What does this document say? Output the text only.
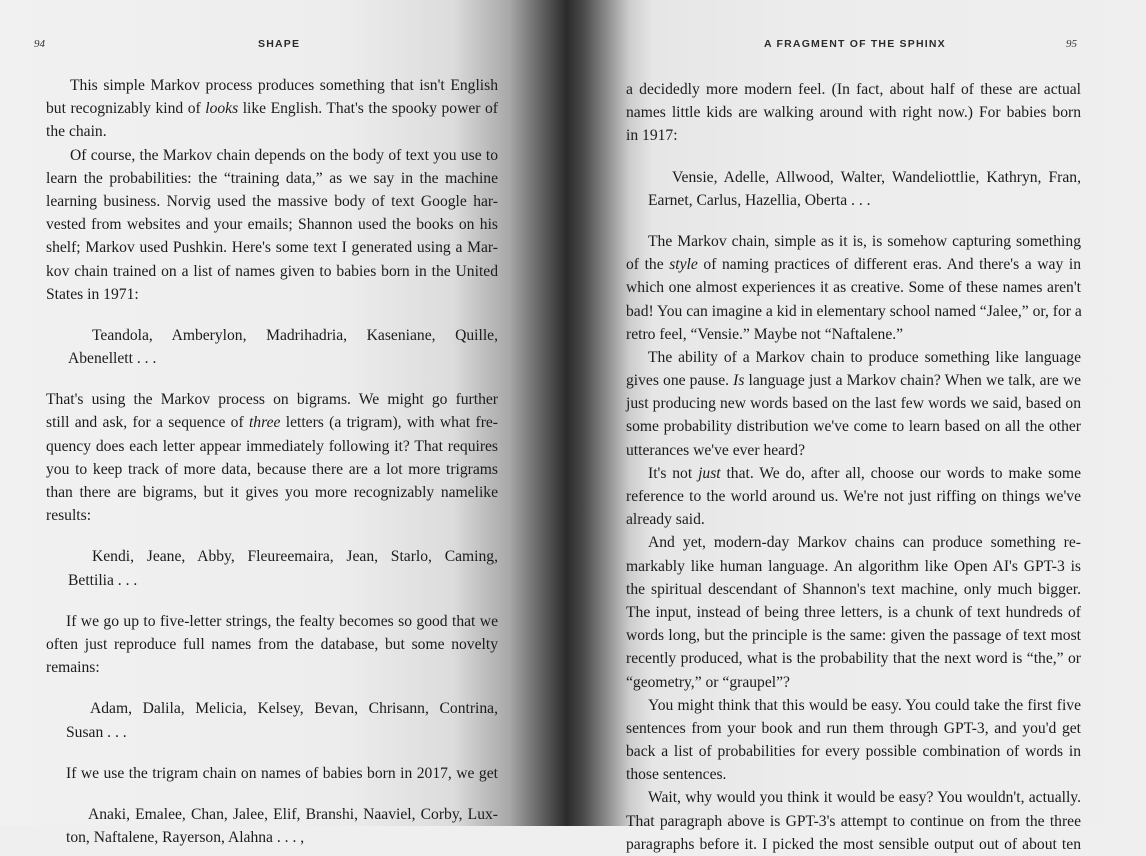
94	SHAPE
This simple Markov process produces something that isn't English
but recognizably kind of looks like English. That's the spooky power of
the chain.
Of course, the Markov chain depends on the body of text you use to
learn the probabilities: the “training data,” as we say in the machine
learning business. Norvig used the massive body of text Google har-
vested from websites and your emails; Shannon used the books on his
shelf; Markov used Pushkin. Here's some text I generated using a Mar-
kov chain trained on a list of names given to babies born in the United
States in 1971:
Teandola, Amberylon, Madrihadria, Kaseniane, Quille,
Abenellett . . .
That's using the Markov process on bigrams. We might go further
still and ask, for a sequence of three letters (a trigram), with what fre-
quency does each letter appear immediately following it? That requires
you to keep track of more data, because there are a lot more trigrams
than there are bigrams, but it gives you more recognizably namelike
results:
Kendi, Jeane, Abby, Fleureemaira, Jean, Starlo, Caming,
Bettilia . . .
If we go up to five-letter strings, the fealty becomes so good that we
often just reproduce full names from the database, but some novelty
remains:
Adam, Dalila, Melicia, Kelsey, Bevan, Chrisann, Contrina,
Susan . . .
If we use the trigram chain on names of babies born in 2017, we get
Anaki, Emalee, Chan, Jalee, Elif, Branshi, Naaviel, Corby, Lux-
ton, Naftalene, Rayerson, Alahna . . . ,
A FRAGMENT OF THE SPHINX	95
a decidedly more modern feel. (In fact, about half of these are actual
names little kids are walking around with right now.) For babies born
in 1917:
Vensie, Adelle, Allwood, Walter, Wandeliottlie, Kathryn, Fran,
Earnet, Carlus, Hazellia, Oberta . . .
The Markov chain, simple as it is, is somehow capturing something
of the style of naming practices of different eras. And there's a way in
which one almost experiences it as creative. Some of these names aren't
bad! You can imagine a kid in elementary school named “Jalee,” or, for a
retro feel, “Vensie.” Maybe not “Naftalene.”
The ability of a Markov chain to produce something like language
gives one pause. Is language just a Markov chain? When we talk, are we
just producing new words based on the last few words we said, based on
some probability distribution we've come to learn based on all the other
utterances we've ever heard?
It's not just that. We do, after all, choose our words to make some
reference to the world around us. We're not just riffing on things we've
already said.
And yet, modern-day Markov chains can produce something re-
markably like human language. An algorithm like Open AI's GPT-3 is
the spiritual descendant of Shannon's text machine, only much bigger.
The input, instead of being three letters, is a chunk of text hundreds of
words long, but the principle is the same: given the passage of text most
recently produced, what is the probability that the next word is “the,” or
“geometry,” or “graupel”?
You might think that this would be easy. You could take the first five
sentences from your book and run them through GPT-3, and you'd get
back a list of probabilities for every possible combination of words in
those sentences.
Wait, why would you think it would be easy? You wouldn't, actually.
That paragraph above is GPT-3's attempt to continue on from the three
paragraphs before it. I picked the most sensible output out of about ten
